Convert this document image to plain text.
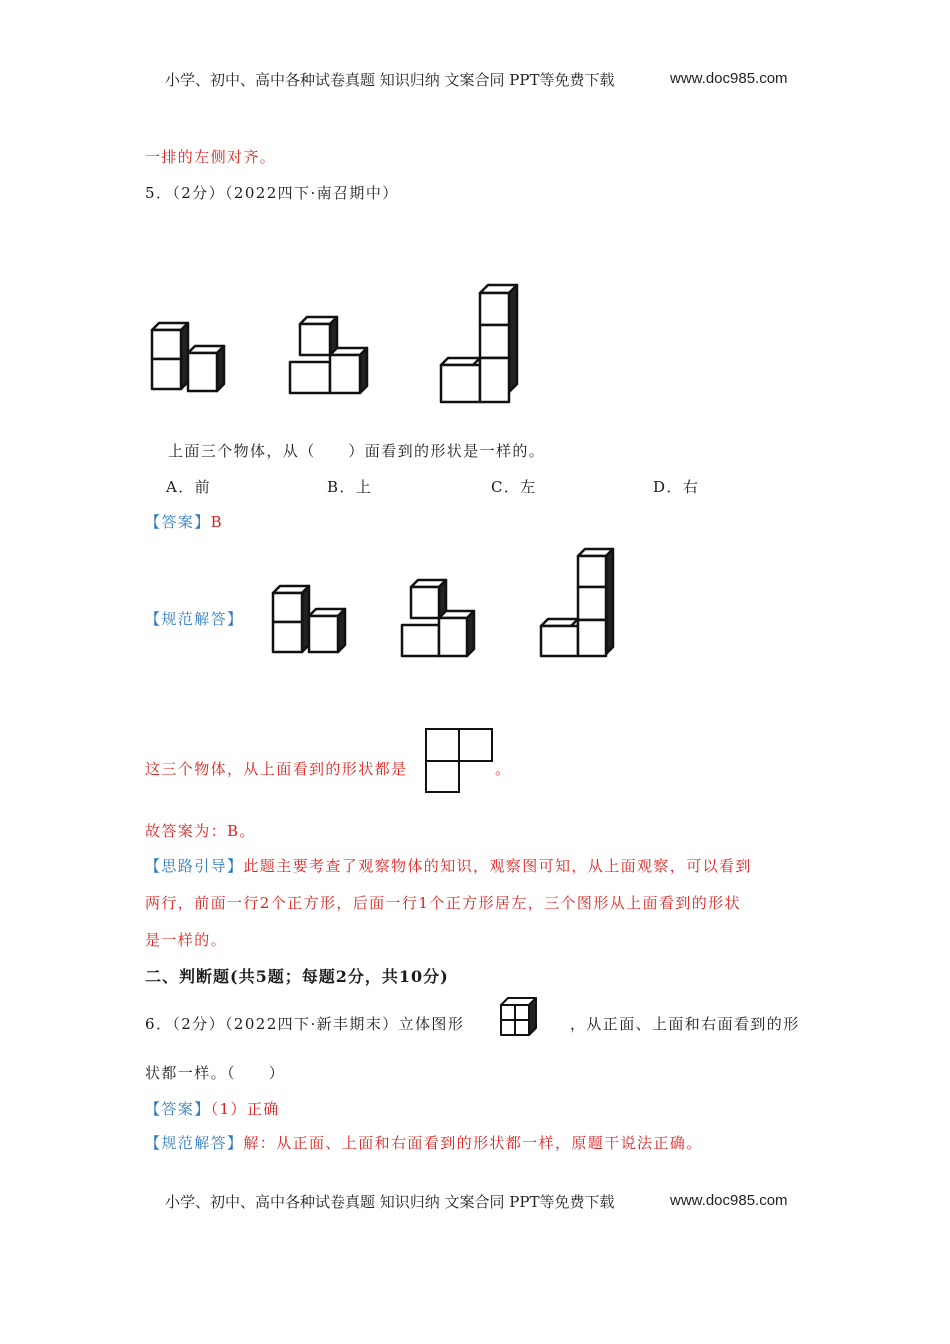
小学、初中、高中各种试卷真题 知识归纳 文案合同 PPT等免费下载	www.doc985.com
一排的左侧对齐。
5．（2分）（2022四下·南召期中）
上面三个物体，从（　　）面看到的形状是一样的。
A．前	B．上	C．左	D．右
【答案】B
【规范解答】
这三个物体，从上面看到的形状都是	。
故答案为：B。
【思路引导】此题主要考查了观察物体的知识，观察图可知，从上面观察，可以看到
两行，前面一行2个正方形，后面一行1个正方形居左，三个图形从上面看到的形状
是一样的。
二、判断题(共5题；每题2分，共10分)
6．（2分）（2022四下·新丰期末）立体图形	，从正面、上面和右面看到的形
状都一样。（　　）
【答案】（1）正确
【规范解答】解：从正面、上面和右面看到的形状都一样，原题干说法正确。
小学、初中、高中各种试卷真题 知识归纳 文案合同 PPT等免费下载	www.doc985.com
